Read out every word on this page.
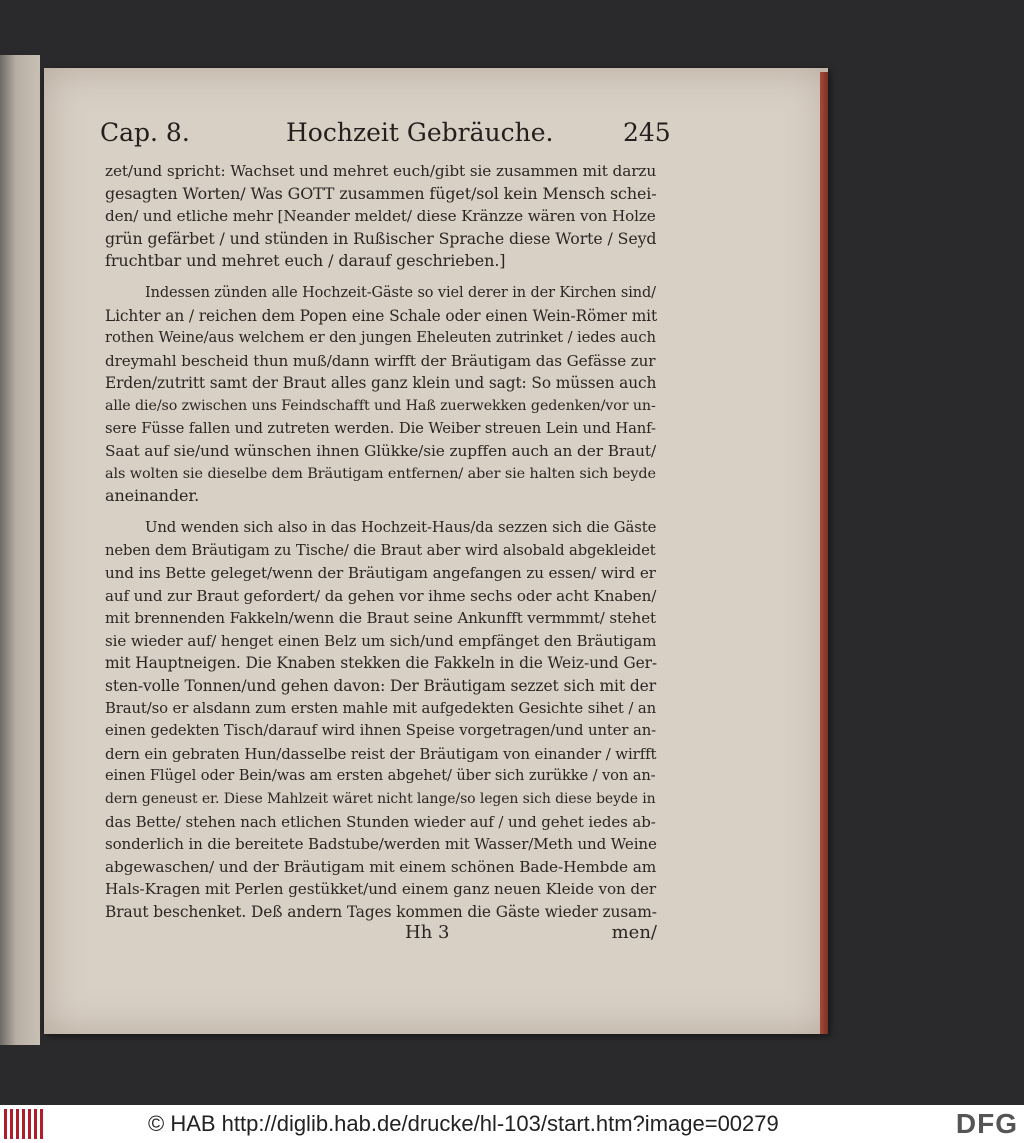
Cap. 8.	Hochzeit Gebräuche.	245
zet/und spricht: Wachset und mehret euch/gibt sie zusammen mit darzu
gesagten Worten/ Was GOTT zusammen füget/sol kein Mensch schei-
den/ und etliche mehr [Neander meldet/ diese Kränzze wären von Holze
grün gefärbet / und stünden in Rußischer Sprache diese Worte / Seyd
fruchtbar und mehret euch / darauf geschrieben.]
Indessen zünden alle Hochzeit-Gäste so viel derer in der Kirchen sind/
Lichter an / reichen dem Popen eine Schale oder einen Wein-Römer mit
rothen Weine/aus welchem er den jungen Eheleuten zutrinket / iedes auch
dreymahl bescheid thun muß/dann wirfft der Bräutigam das Gefässe zur
Erden/zutritt samt der Braut alles ganz klein und sagt: So müssen auch
alle die/so zwischen uns Feindschafft und Haß zuerwekken gedenken/vor un-
sere Füsse fallen und zutreten werden. Die Weiber streuen Lein und Hanf-
Saat auf sie/und wünschen ihnen Glükke/sie zupffen auch an der Braut/
als wolten sie dieselbe dem Bräutigam entfernen/ aber sie halten sich beyde
aneinander.
Und wenden sich also in das Hochzeit-Haus/da sezzen sich die Gäste
neben dem Bräutigam zu Tische/ die Braut aber wird alsobald abgekleidet
und ins Bette geleget/wenn der Bräutigam angefangen zu essen/ wird er
auf und zur Braut gefordert/ da gehen vor ihme sechs oder acht Knaben/
mit brennenden Fakkeln/wenn die Braut seine Ankunfft vermmmt/ stehet
sie wieder auf/ henget einen Belz um sich/und empfänget den Bräutigam
mit Hauptneigen. Die Knaben stekken die Fakkeln in die Weiz-und Ger-
sten-volle Tonnen/und gehen davon: Der Bräutigam sezzet sich mit der
Braut/so er alsdann zum ersten mahle mit aufgedekten Gesichte sihet / an
einen gedekten Tisch/darauf wird ihnen Speise vorgetragen/und unter an-
dern ein gebraten Hun/dasselbe reist der Bräutigam von einander / wirfft
einen Flügel oder Bein/was am ersten abgehet/ über sich zurükke / von an-
dern geneust er. Diese Mahlzeit wäret nicht lange/so legen sich diese beyde in
das Bette/ stehen nach etlichen Stunden wieder auf / und gehet iedes ab-
sonderlich in die bereitete Badstube/werden mit Wasser/Meth und Weine
abgewaschen/ und der Bräutigam mit einem schönen Bade-Hembde am
Hals-Kragen mit Perlen gestükket/und einem ganz neuen Kleide von der
Braut beschenket. Deß andern Tages kommen die Gäste wieder zusam-
Hh 3	men/
© HAB http://diglib.hab.de/drucke/hl-103/start.htm?image=00279	DFG
